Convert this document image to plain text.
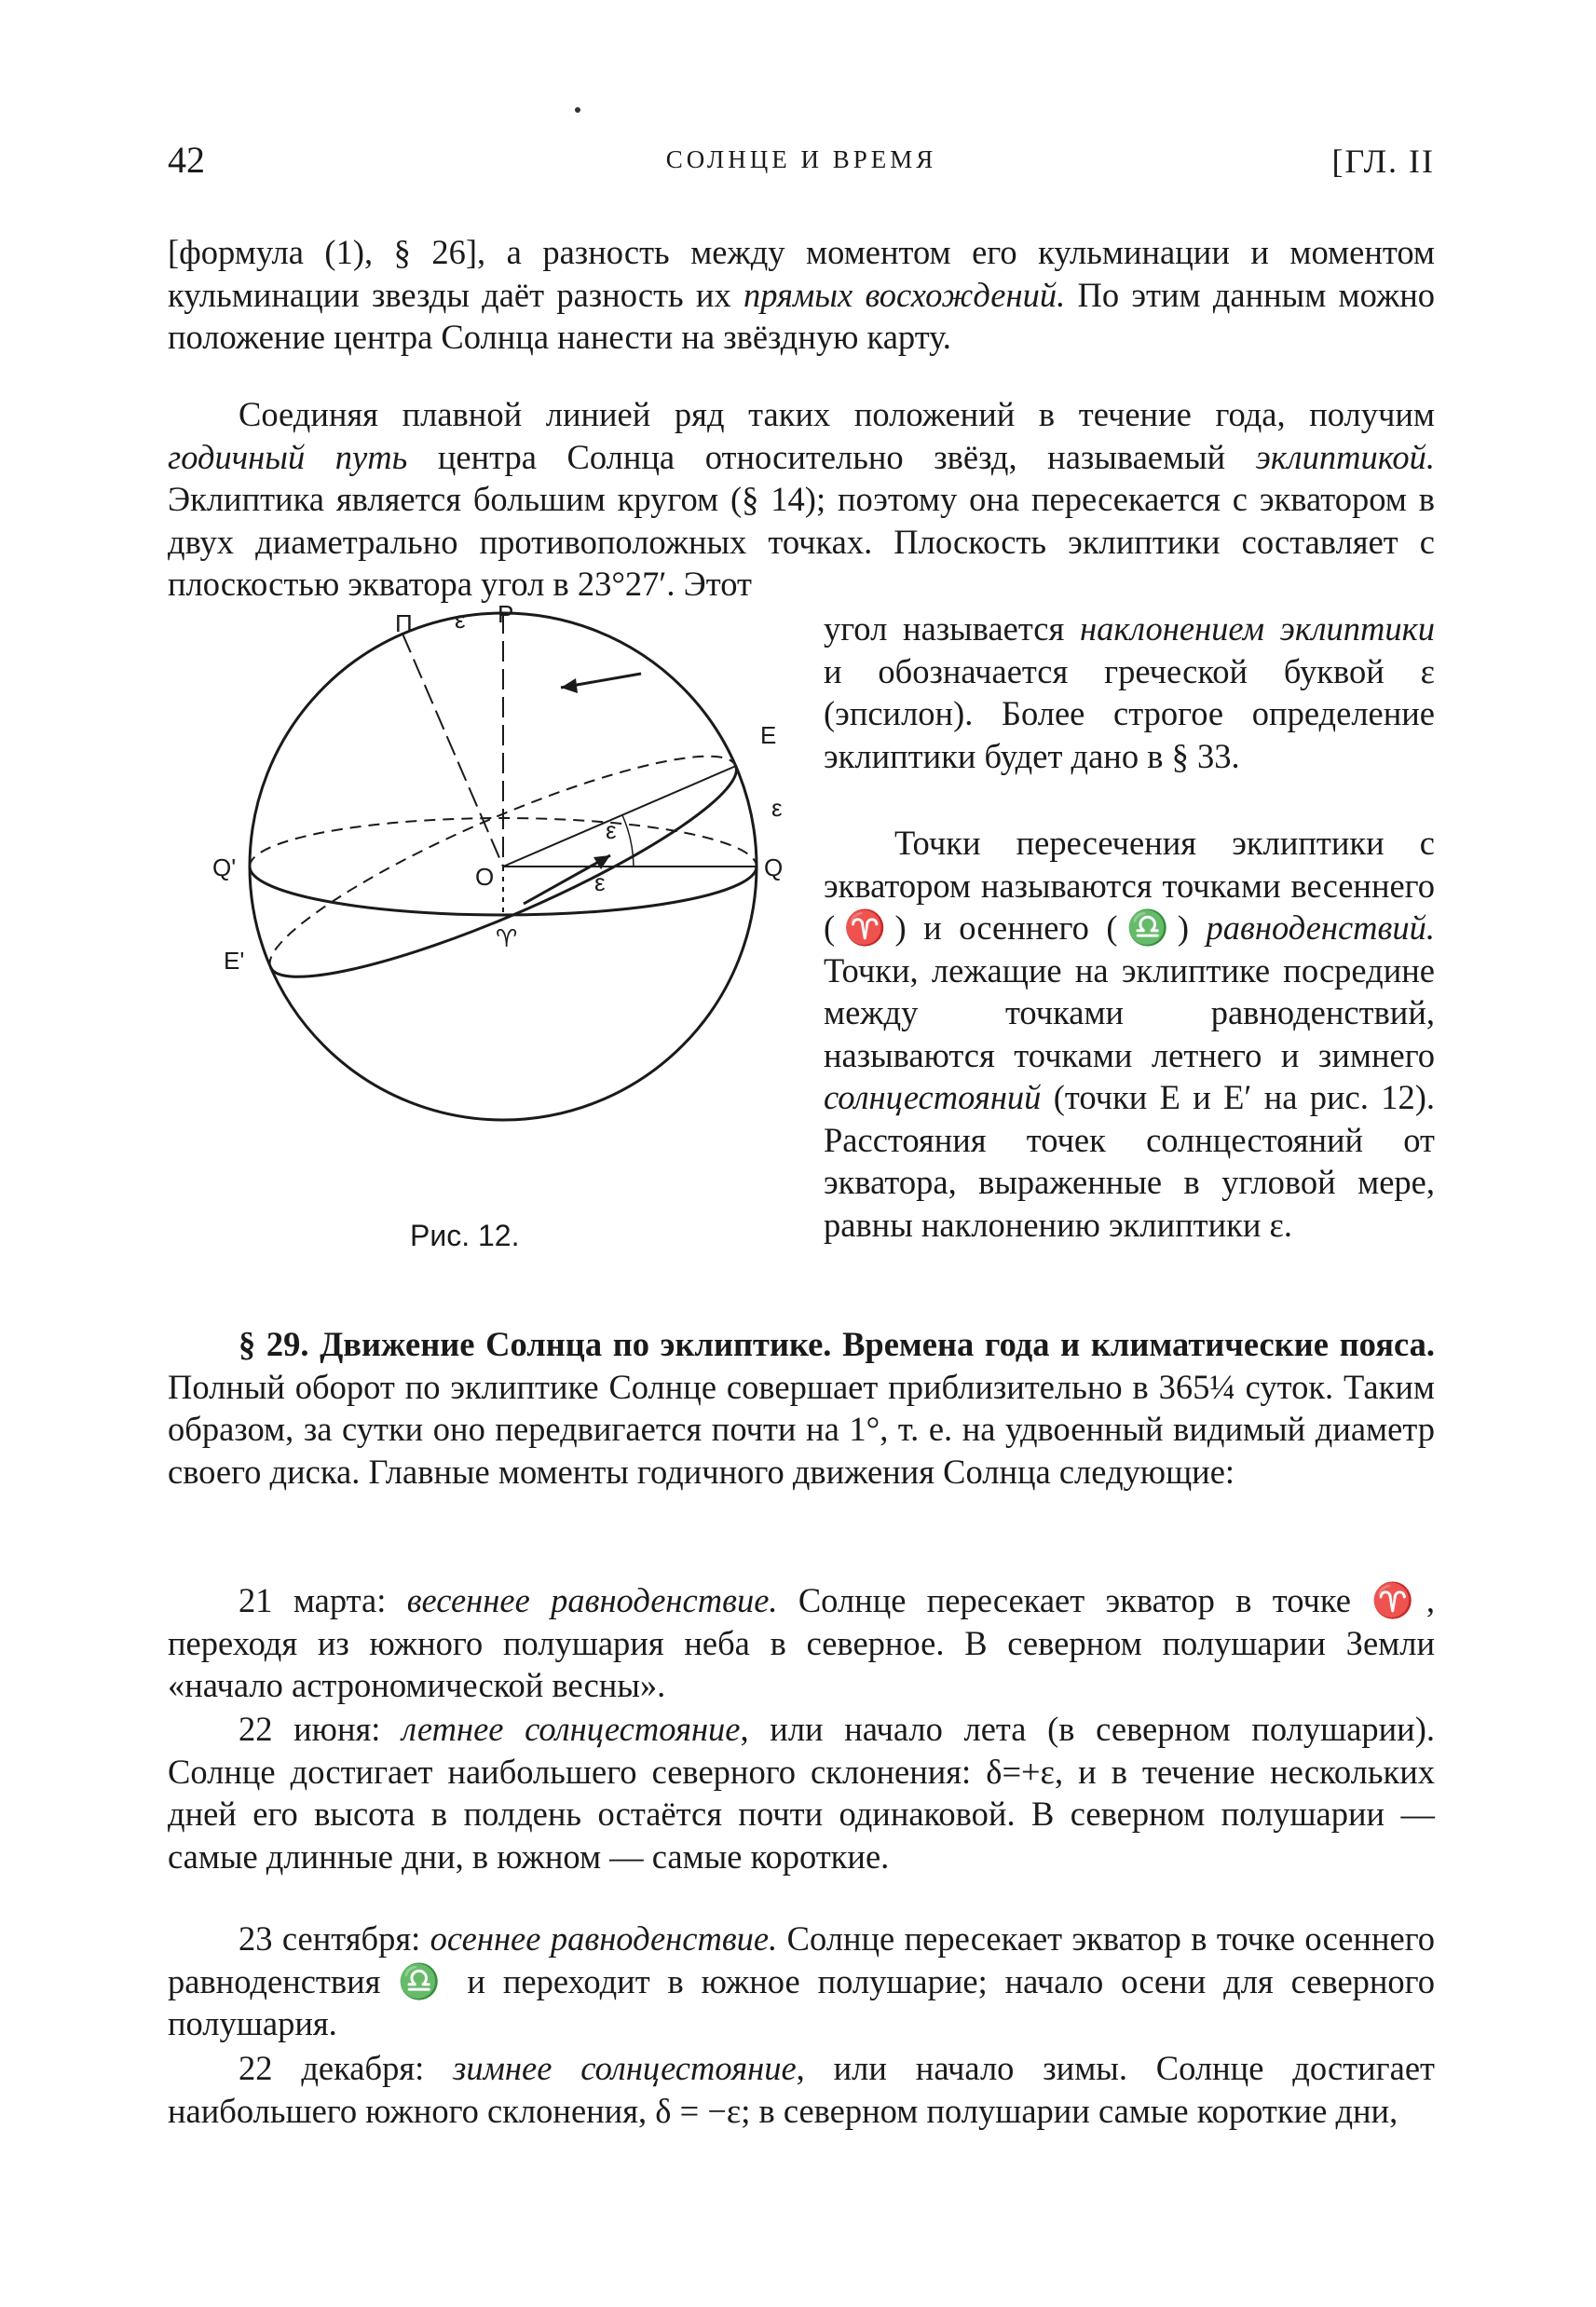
42	СОЛНЦЕ И ВРЕМЯ	[ГЛ. II

[формула (1), § 26], а разность между моментом его кульминации и моментом кульминации звезды даёт разность их прямых восхождений. По этим данным можно положение центра Солнца нанести на звёздную карту.

Соединяя плавной линией ряд таких положений в течение года, получим годичный путь центра Солнца относительно звёзд, называемый эклиптикой. Эклиптика является большим кругом (§ 14); поэтому она пересекается с экватором в двух диаметрально противоположных точках. Плоскость эклиптики составляет с плоскостью экватора угол в 23°27′. Этот

угол называется наклонением эклиптики и обозначается греческой буквой ε (эпсилон). Более строгое определение эклиптики будет дано в § 33.

Точки пересечения эклиптики с экватором называются точками весеннего (♈) и осеннего (♎) равноденствий. Точки, лежащие на эклиптике посредине между точками равноденствий, называются точками летнего и зимнего солнцестояний (точки E и E′ на рис. 12). Расстояния точек солнцестояний от экватора, выраженные в угловой мере, равны наклонению эклиптики ε.

П ε P
E
ε
Q
Q'	O
E'
♈
ε
ε
Рис. 12.

§ 29. Движение Солнца по эклиптике. Времена года и климатические пояса. Полный оборот по эклиптике Солнце совершает приблизительно в 365¼ суток. Таким образом, за сутки оно передвигается почти на 1°, т. е. на удвоенный видимый диаметр своего диска. Главные моменты годичного движения Солнца следующие:

21 марта: весеннее равноденствие. Солнце пересекает экватор в точке ♈, переходя из южного полушария неба в северное. В северном полушарии Земли «начало астрономической весны».

22 июня: летнее солнцестояние, или начало лета (в северном полушарии). Солнце достигает наибольшего северного склонения: δ=+ε, и в течение нескольких дней его высота в полдень остаётся почти одинаковой. В северном полушарии — самые длинные дни, в южном — самые короткие.

23 сентября: осеннее равноденствие. Солнце пересекает экватор в точке осеннего равноденствия ♎ и переходит в южное полушарие; начало осени для северного полушария.

22 декабря: зимнее солнцестояние, или начало зимы. Солнце достигает наибольшего южного склонения, δ = −ε; в северном полушарии самые короткие дни,
